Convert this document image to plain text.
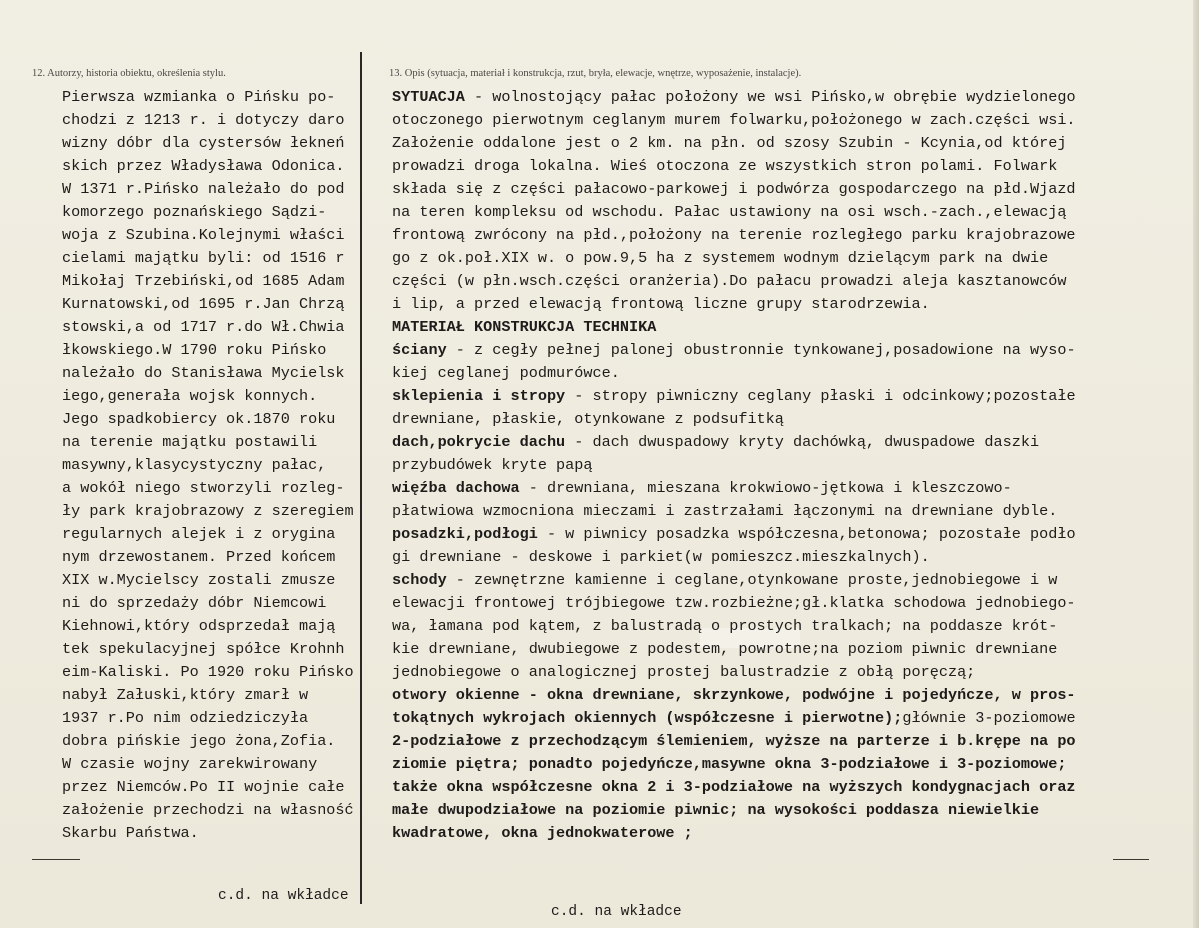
12. Autorzy, historia obiektu, określenia stylu.	13. Opis (sytuacja, materiał i konstrukcja, rzut, bryła, elewacje, wnętrze, wyposażenie, instalacje).
Pierwsza wzmianka o Pińsku po-
chodzi z 1213 r. i dotyczy daro
wizny dóbr dla cystersów łekneń
skich przez Władysława Odonica.
W 1371 r.Pińsko należało do pod
komorzego poznańskiego Sądzi-
woja z Szubina.Kolejnymi właści
cielami majątku byli: od 1516 r
Mikołaj Trzebiński,od 1685 Adam
Kurnatowski,od 1695 r.Jan Chrzą
stowski,a od 1717 r.do Wł.Chwia
łkowskiego.W 1790 roku Pińsko
należało do Stanisława Mycielsk
iego,generała wojsk konnych.
Jego spadkobiercy ok.1870 roku
na terenie majątku postawili
masywny,klasycystyczny pałac,
a wokół niego stworzyli rozleg-
ły park krajobrazowy z szeregiem
regularnych alejek i z orygina
nym drzewostanem. Przed końcem
XIX w.Mycielscy zostali zmusze
ni do sprzedaży dóbr Niemcowi
Kiehnowi,który odsprzedał mają
tek spekulacyjnej spółce Krohnh
eim-Kaliski. Po 1920 roku Pińsko
nabył Załuski,który zmarł w
1937 r.Po nim odziedziczyła
dobra pińskie jego żona,Zofia.
W czasie wojny zarekwirowany
przez Niemców.Po II wojnie całe
założenie przechodzi na własność
Skarbu Państwa.
SYTUACJA - wolnostojący pałac położony we wsi Pińsko,w obrębie wydzielonego
otoczonego pierwotnym ceglanym murem folwarku,położonego w zach.części wsi.
Założenie oddalone jest o 2 km. na płn. od szosy Szubin - Kcynia,od której
prowadzi droga lokalna. Wieś otoczona ze wszystkich stron polami. Folwark
składa się z części pałacowo-parkowej i podwórza gospodarczego na płd.Wjazd
na teren kompleksu od wschodu. Pałac ustawiony na osi wsch.-zach.,elewacją
frontową zwrócony na płd.,położony na terenie rozległego parku krajobrazowe
go z ok.poł.XIX w. o pow.9,5 ha z systemem wodnym dzielącym park na dwie
części (w płn.wsch.części oranżeria).Do pałacu prowadzi aleja kasztanowców
i lip, a przed elewacją frontową liczne grupy starodrzewia.
MATERIAŁ KONSTRUKCJA TECHNIKA
ściany - z cegły pełnej palonej obustronnie tynkowanej,posadowione na wyso-
kiej ceglanej podmurówce.
sklepienia i stropy - stropy piwniczny ceglany płaski i odcinkowy;pozostałe
drewniane, płaskie, otynkowane z podsufitką
dach,pokrycie dachu - dach dwuspadowy kryty dachówką, dwuspadowe daszki
przybudówek kryte papą
więźba dachowa - drewniana, mieszana krokwiowo-jętkowa i kleszczowo-
płatwiowa wzmocniona mieczami i zastrzałami łączonymi na drewniane dyble.
posadzki,podłogi - w piwnicy posadzka współczesna,betonowa; pozostałe podło
gi drewniane - deskowe i parkiet(w pomieszcz.mieszkalnych).
schody - zewnętrzne kamienne i ceglane,otynkowane proste,jednobiegowe i w
elewacji frontowej trójbiegowe tzw.rozbieżne;gł.klatka schodowa jednobiego-
wa, łamana pod kątem, z balustradą o prostych tralkach; na poddasze krót-
kie drewniane, dwubiegowe z podestem, powrotne;na poziom piwnic drewniane
jednobiegowe o analogicznej prostej balustradzie z obłą poręczą;
otwory okienne - okna drewniane, skrzynkowe, podwójne i pojedyńcze, w pros-
tokątnych wykrojach okiennych (współczesne i pierwotne);głównie 3-poziomowe
2-podziałowe z przechodzącym ślemieniem, wyższe na parterze i b.krępe na po
ziomie piętra; ponadto pojedyńcze,masywne okna 3-podziałowe i 3-poziomowe;
także okna współczesne okna 2 i 3-podziałowe na wyższych kondygnacjach oraz
małe dwupodziałowe na poziomie piwnic; na wysokości poddasza niewielkie
kwadratowe, okna jednokwaterowe ;
c.d. na wkładce
c.d. na wkładce
